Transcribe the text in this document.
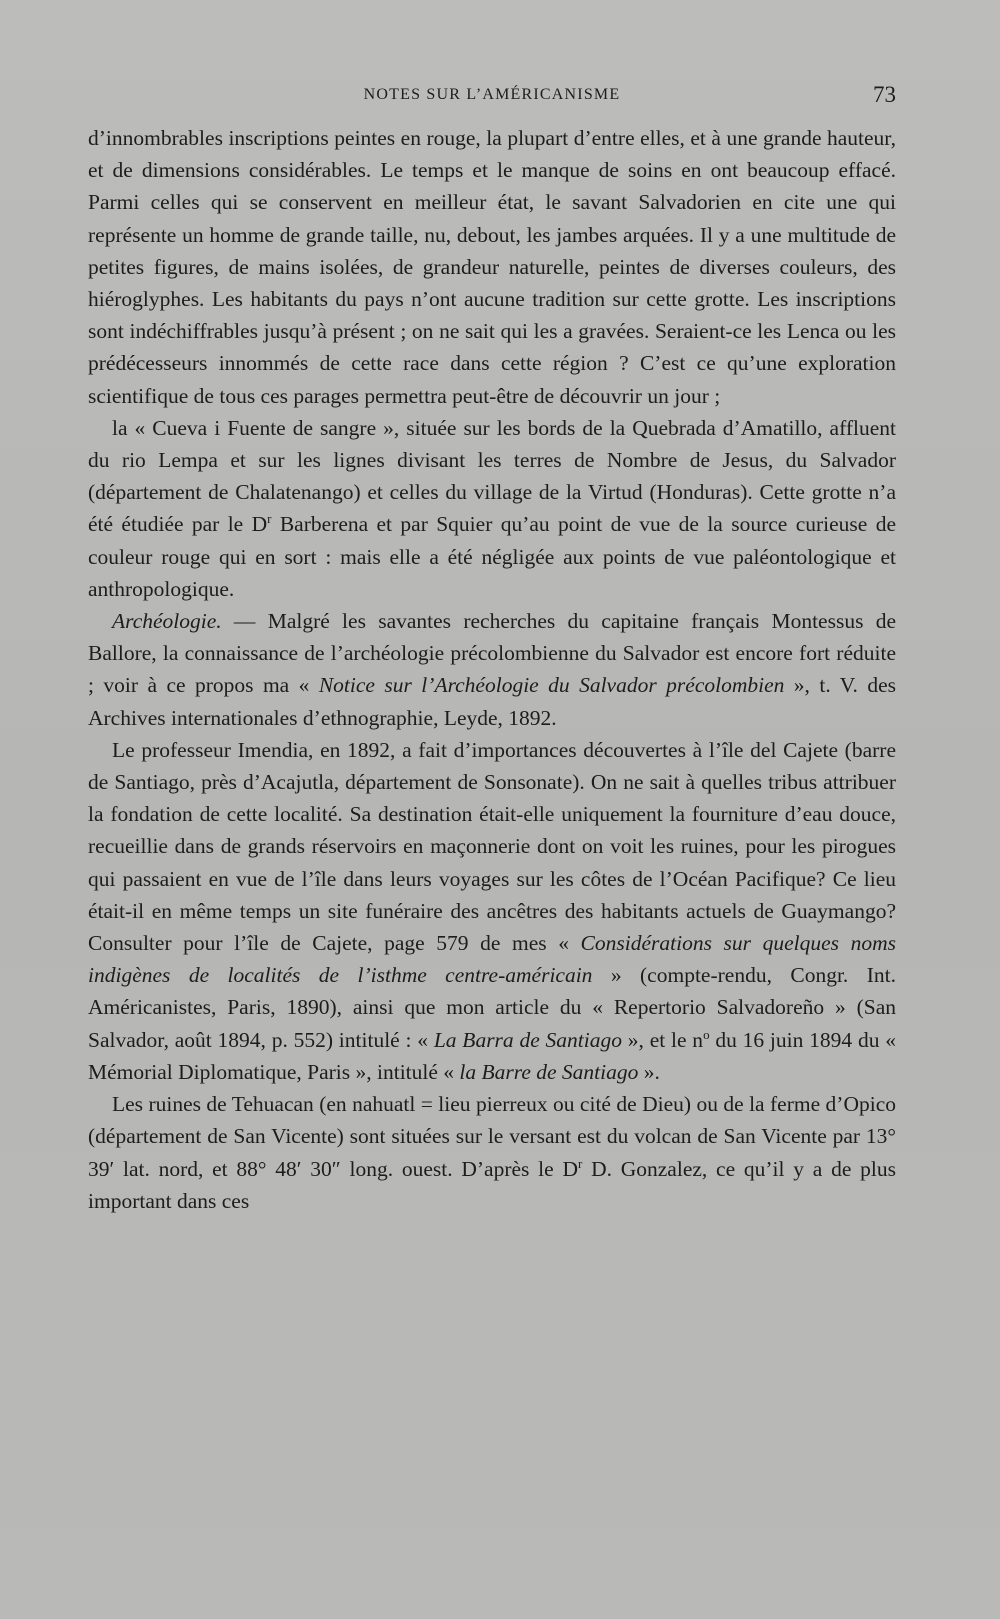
NOTES SUR L’AMÉRICANISME	73

d’innombrables inscriptions peintes en rouge, la plupart d’entre elles, et à une grande hauteur, et de dimensions considérables. Le temps et le manque de soins en ont beaucoup effacé. Parmi celles qui se conservent en meilleur état, le savant Salvadorien en cite une qui représente un homme de grande taille, nu, debout, les jambes arquées. Il y a une multitude de petites figures, de mains isolées, de grandeur naturelle, peintes de diverses couleurs, des hiéroglyphes. Les habitants du pays n’ont aucune tradition sur cette grotte. Les inscriptions sont indéchiffrables jusqu’à présent ; on ne sait qui les a gravées. Seraient-ce les Lenca ou les prédécesseurs innommés de cette race dans cette région ? C’est ce qu’une exploration scientifique de tous ces parages permettra peut-être de découvrir un jour ;

la « Cueva i Fuente de sangre », située sur les bords de la Quebrada d’Amatillo, affluent du rio Lempa et sur les lignes divisant les terres de Nombre de Jesus, du Salvador (département de Chalatenango) et celles du village de la Virtud (Honduras). Cette grotte n’a été étudiée par le $D^r$ Barberena et par Squier qu’au point de vue de la source curieuse de couleur rouge qui en sort : mais elle a été négligée aux points de vue paléontologique et anthropologique.

Archéologie. — Malgré les savantes recherches du capitaine français Montessus de Ballore, la connaissance de l’archéologie précolombienne du Salvador est encore fort réduite ; voir à ce propos ma « Notice sur l’Archéologie du Salvador précolombien », t. V. des Archives internationales d’ethnographie, Leyde, 1892.

Le professeur Imendia, en 1892, a fait d’importances découvertes à l’île del Cajete (barre de Santiago, près d’Acajutla, département de Sonsonate). On ne sait à quelles tribus attribuer la fondation de cette localité. Sa destination était-elle uniquement la fourniture d’eau douce, recueillie dans de grands réservoirs en maçonnerie dont on voit les ruines, pour les pirogues qui passaient en vue de l’île dans leurs voyages sur les côtes de l’Océan Pacifique? Ce lieu était-il en même temps un site funéraire des ancêtres des habitants actuels de Guaymango? Consulter pour l’île de Cajete, page 579 de mes « Considérations sur quelques noms indigènes de localités de l’isthme centre-américain » (compte-rendu, Congr. Int. Américanistes, Paris, 1890), ainsi que mon article du « Repertorio Salvadoreño » (San Salvador, août 1894, p. 552) intitulé : « La Barra de Santiago », et le $n^o$ du 16 juin 1894 du « Mémorial Diplomatique, Paris », intitulé « la Barre de Santiago ».

Les ruines de Tehuacan (en nahuatl = lieu pierreux ou cité de Dieu) ou de la ferme d’Opico (département de San Vicente) sont situées sur le versant est du volcan de San Vicente par 13° 39′ lat. nord, et 88° 48′ 30″ long. ouest. D’après le $D^r$ D. Gonzalez, ce qu’il y a de plus important dans ces
